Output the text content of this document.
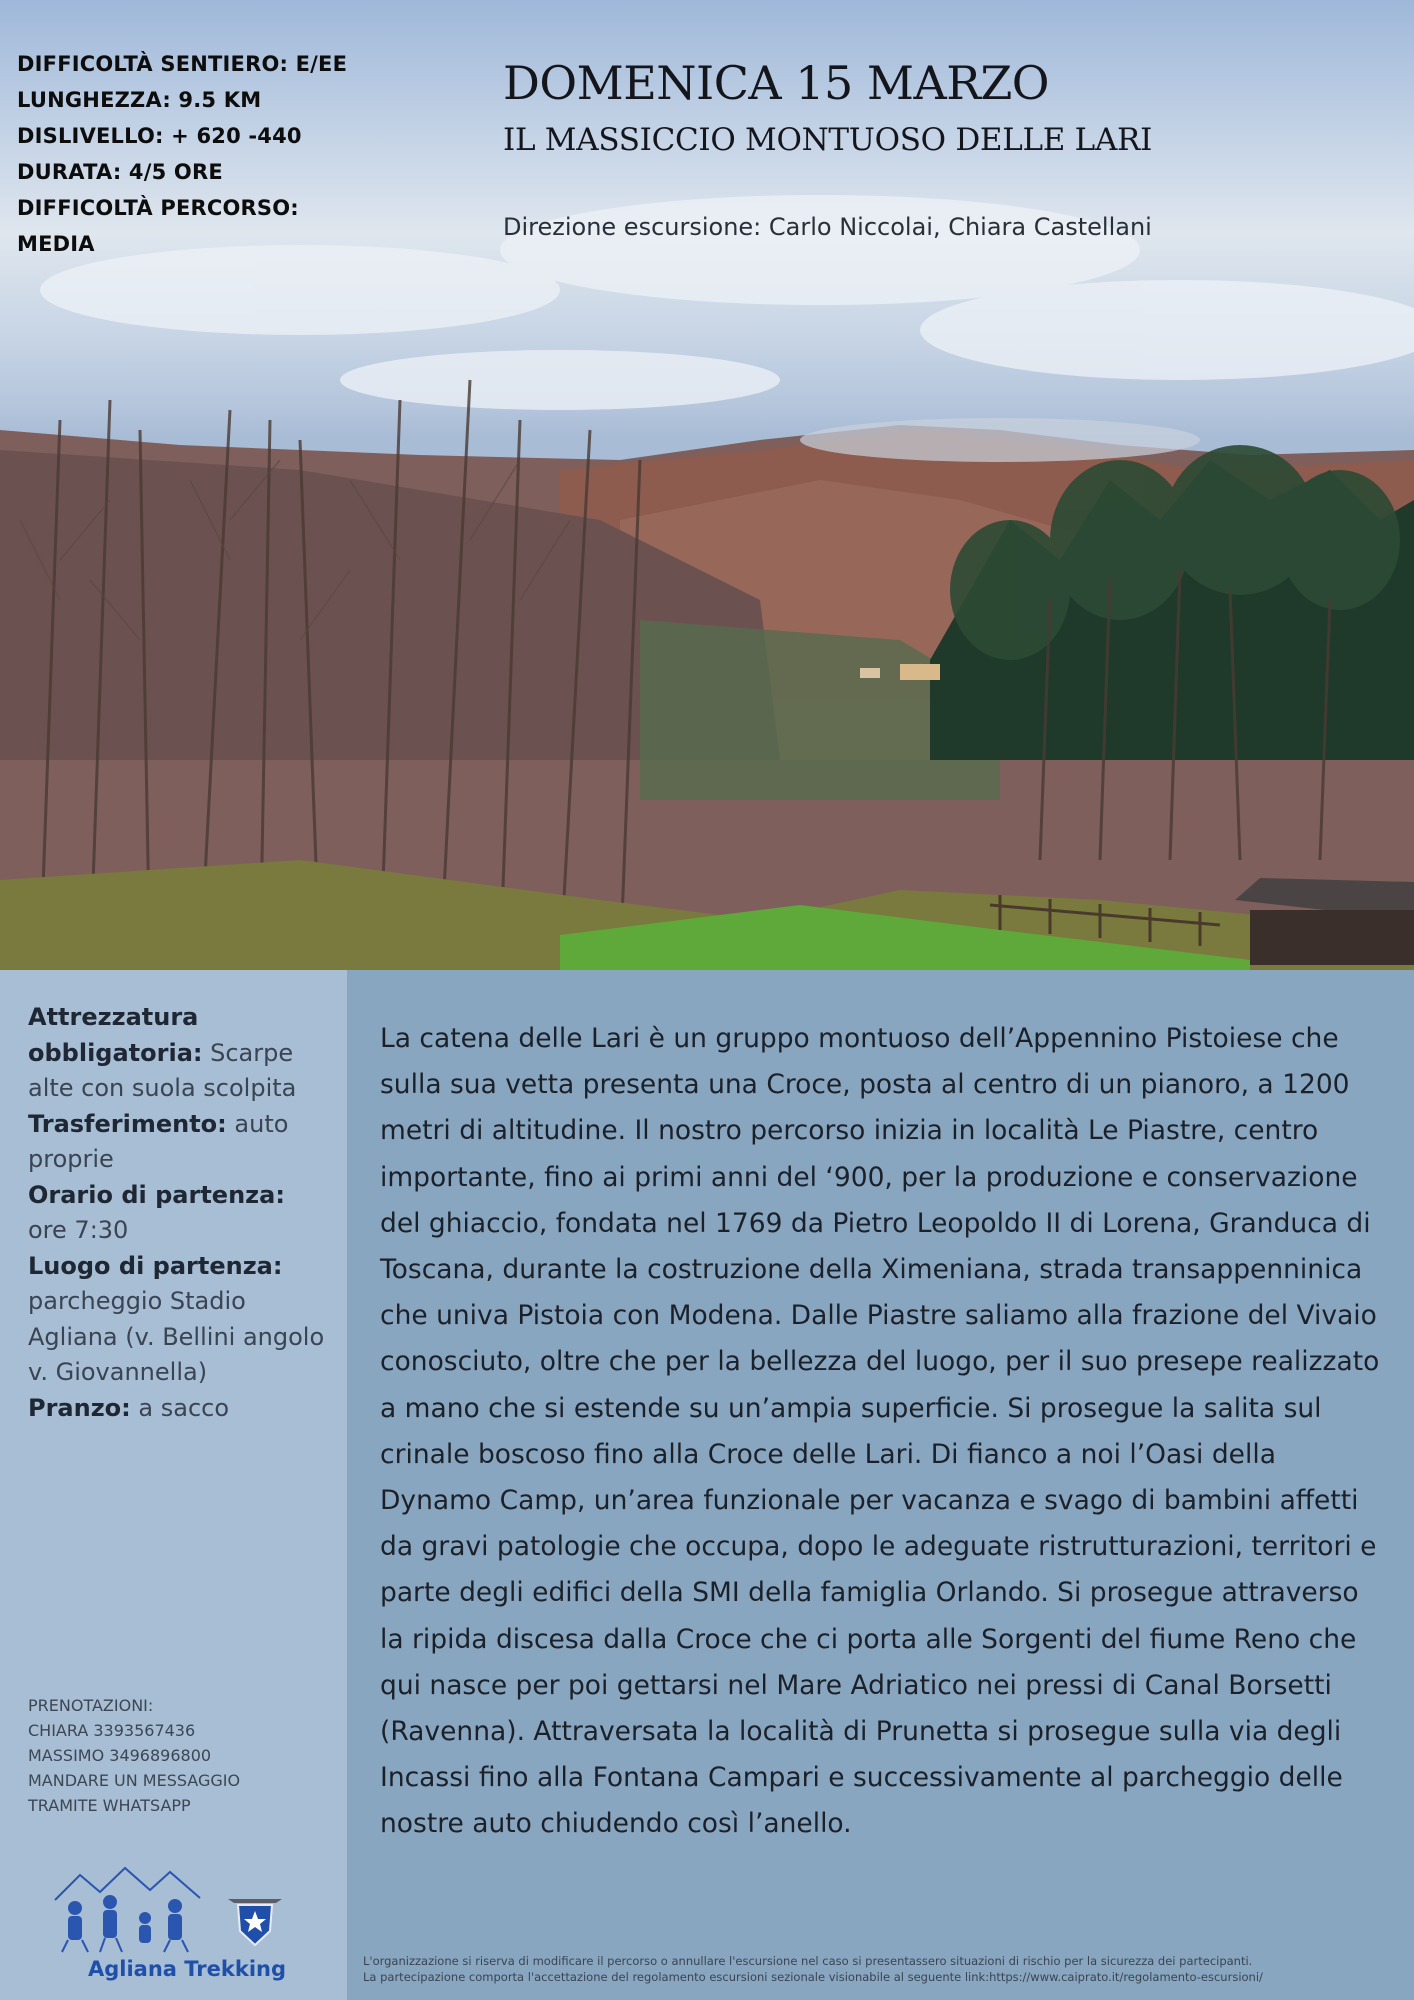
DIFFICOLTÀ SENTIERO: E/EE
LUNGHEZZA: 9.5 KM
DISLIVELLO: + 620 -440
DURATA: 4/5 ORE
DIFFICOLTÀ PERCORSO:
MEDIA
DOMENICA 15 MARZO
IL MASSICCIO MONTUOSO DELLE LARI
Direzione escursione: Carlo Niccolai, Chiara Castellani
Attrezzatura obbligatoria: Scarpe alte con suola scolpita
Trasferimento: auto proprie
Orario di partenza:
ore 7:30
Luogo di partenza:
parcheggio Stadio Agliana (v. Bellini angolo v. Giovannella)
Pranzo: a sacco
PRENOTAZIONI:
CHIARA 3393567436
MASSIMO 3496896800
MANDARE UN MESSAGGIO
TRAMITE WHATSAPP
Agliana Trekking

La catena delle Lari è un gruppo montuoso dell’Appennino Pistoiese che sulla sua vetta presenta una Croce, posta al centro di un pianoro, a 1200 metri di altitudine. Il nostro percorso inizia in località Le Piastre, centro importante, fino ai primi anni del ‘900, per la produzione e conservazione del ghiaccio, fondata nel 1769 da Pietro Leopoldo II di Lorena, Granduca di Toscana, durante la costruzione della Ximeniana, strada transappenninica che univa Pistoia con Modena. Dalle Piastre saliamo alla frazione del Vivaio conosciuto, oltre che per la bellezza del luogo, per il suo presepe realizzato a mano che si estende su un’ampia superficie. Si prosegue la salita sul crinale boscoso fino alla Croce delle Lari. Di fianco a noi l’Oasi della Dynamo Camp, un’area funzionale per vacanza e svago di bambini affetti da gravi patologie che occupa, dopo le adeguate ristrutturazioni, territori e parte degli edifici della SMI della famiglia Orlando. Si prosegue attraverso la ripida discesa dalla Croce che ci porta alle Sorgenti del fiume Reno che qui nasce per poi gettarsi nel Mare Adriatico nei pressi di Canal Borsetti (Ravenna). Attraversata la località di Prunetta si prosegue sulla via degli Incassi fino alla Fontana Campari e successivamente al parcheggio delle nostre auto chiudendo così l’anello.

L'organizzazione si riserva di modificare il percorso o annullare l'escursione nel caso si presentassero situazioni di rischio per la sicurezza dei partecipanti.
La partecipazione comporta l'accettazione del regolamento escursioni sezionale visionabile al seguente link:https://www.caiprato.it/regolamento-escursioni/
